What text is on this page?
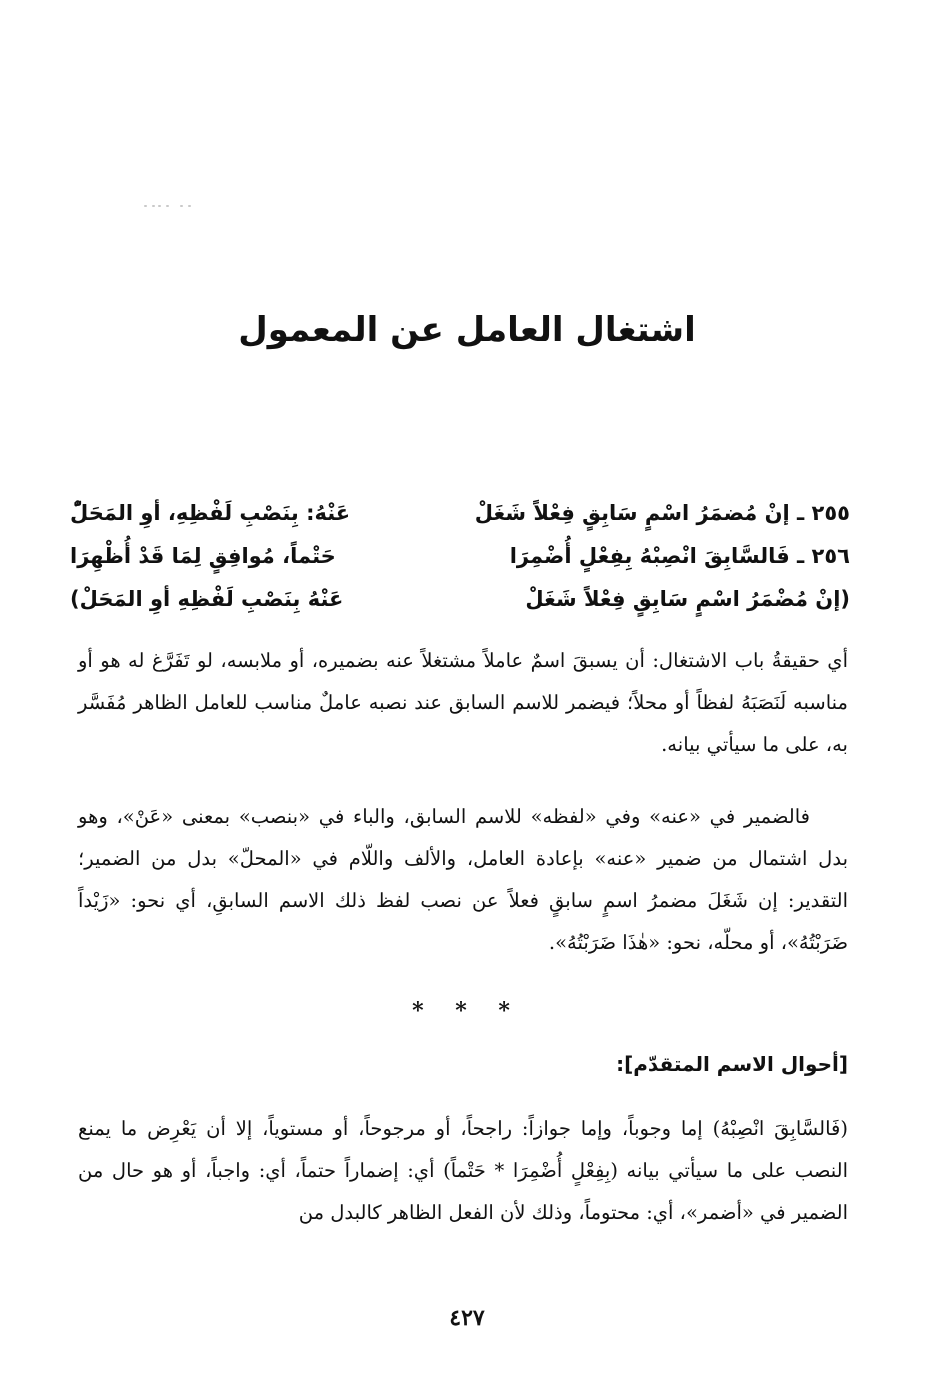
اشتغال العامل عن المعمول
٢٥٥ ـ إنْ مُضمَرُ اسْمٍ سَابِقٍ فِعْلاً شَغَلْ
عَنْهُ: بِنَصْبِ لَفْظِهِ، أوِ المَحَلّْ
٢٥٦ ـ فَالسَّابِقَ انْصِبْهُ بِفِعْلٍ أُضْمِرَا
حَتْماً، مُوافِقٍ لِمَا قَدْ أُظْهِرَا
(إنْ مُضْمَرُ اسْمٍ سَابِقٍ فِعْلاً شَغَلْ
عَنْهُ بِنَصْبِ لَفْظِهِ أوِ المَحَلْ)

أي حقيقةُ باب الاشتغال: أن يسبقَ اسمٌ عاملاً مشتغلاً عنه بضميره، أو ملابسه، لو تَفَرَّغ له هو أو مناسبه لَنَصَبَهُ لفظاً أو محلاً؛ فيضمر للاسم السابق عند نصبه عاملٌ مناسب للعامل الظاهر مُفَسَّر به، على ما سيأتي بيانه.

فالضمير في «عنه» وفي «لفظه» للاسم السابق، والباء في «بنصب» بمعنى «عَنْ»، وهو بدل اشتمال من ضمير «عنه» بإعادة العامل، والألف واللّام في «المحلّ» بدل من الضمير؛ التقدير: إن شَغَلَ مضمرُ اسمٍ سابقٍ فعلاً عن نصب لفظ ذلك الاسم السابقِ، أي نحو: «زَيْداً ضَرَبْتُهُ»، أو محلّه، نحو: «هٰذَا ضَرَبْتُهُ».

* * *
[أحوال الاسم المتقدّم]:

(فَالسَّابِقَ انْصِبْهُ) إما وجوباً، وإما جوازاً: راجحاً، أو مرجوحاً، أو مستوياً، إلا أن يَعْرِض ما يمنع النصب على ما سيأتي بيانه (بِفِعْلٍ أُضْمِرَا * حَتْماً) أي: إضماراً حتماً، أي: واجباً، أو هو حال من الضمير في «أضمر»، أي: محتوماً، وذلك لأن الفعل الظاهر كالبدل من

٤٢٧
